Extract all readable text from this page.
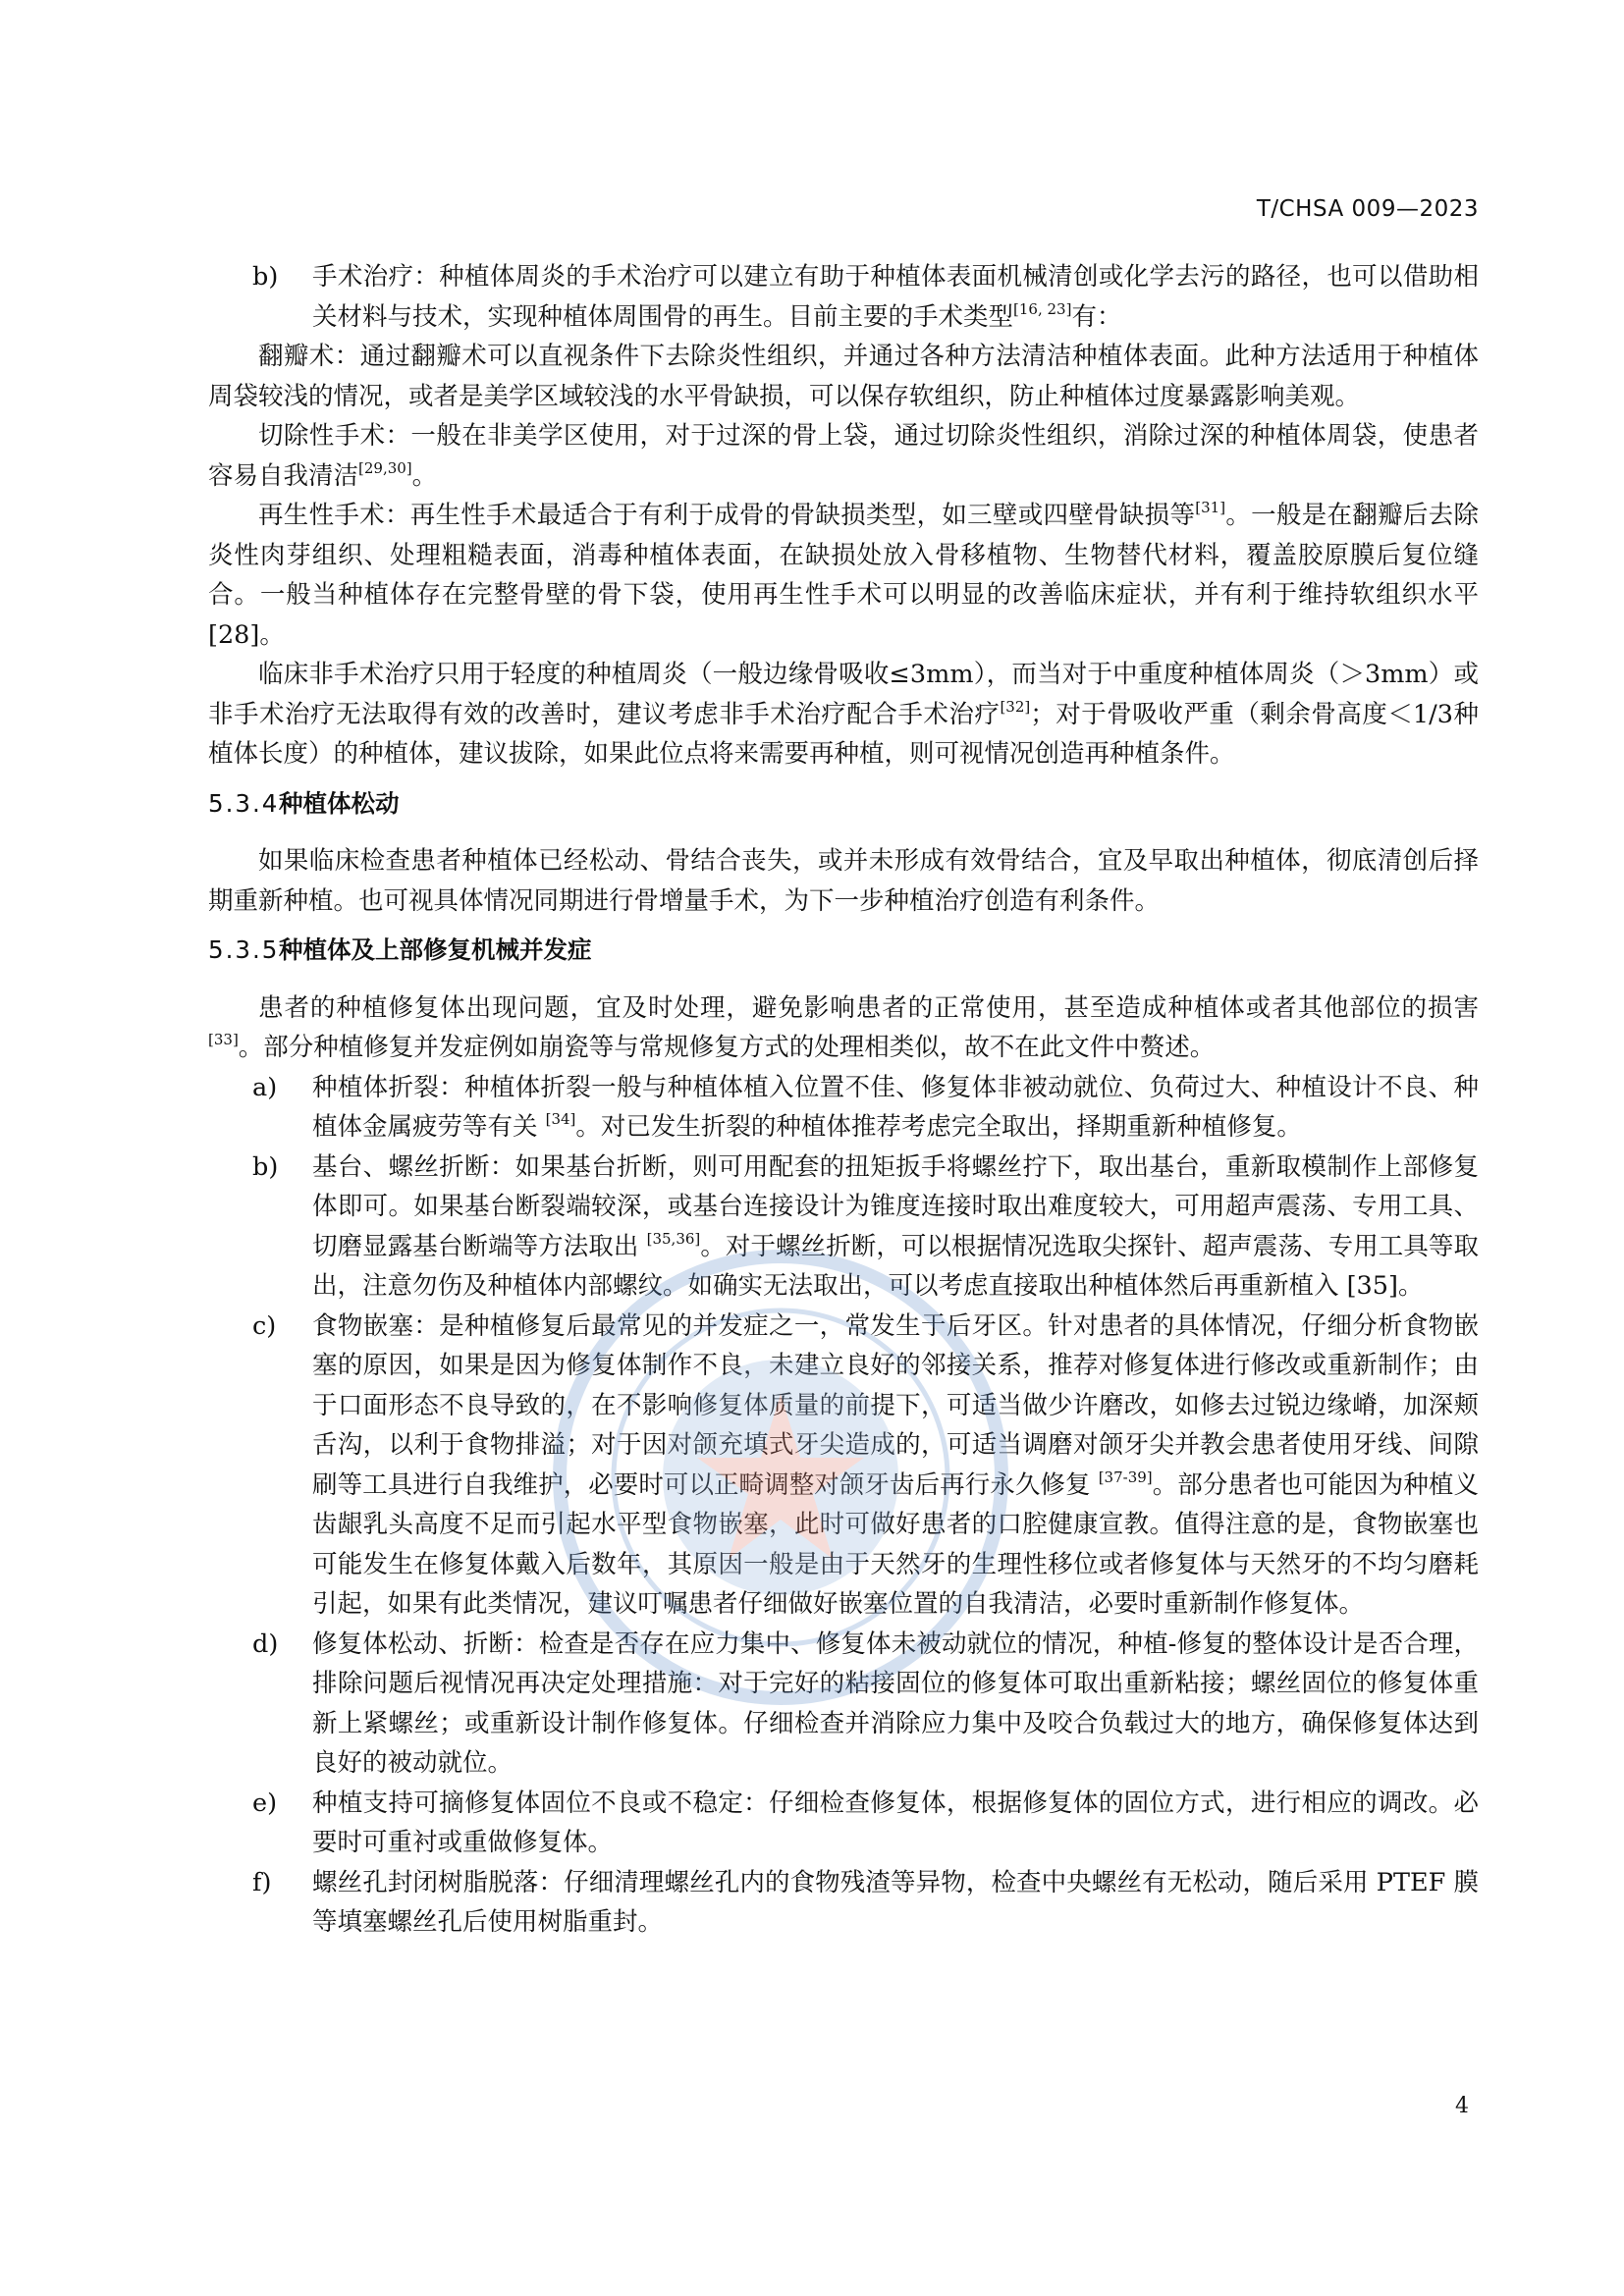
T/CHSA 009—2023

b)	手术治疗：种植体周炎的手术治疗可以建立有助于种植体表面机械清创或化学去污的路径，也可以借助相关材料与技术，实现种植体周围骨的再生。目前主要的手术类型[16, 23]有：

翻瓣术：通过翻瓣术可以直视条件下去除炎性组织，并通过各种方法清洁种植体表面。此种方法适用于种植体周袋较浅的情况，或者是美学区域较浅的水平骨缺损，可以保存软组织，防止种植体过度暴露影响美观。

切除性手术：一般在非美学区使用，对于过深的骨上袋，通过切除炎性组织，消除过深的种植体周袋，使患者容易自我清洁[29,30]。

再生性手术：再生性手术最适合于有利于成骨的骨缺损类型，如三壁或四壁骨缺损等[31]。一般是在翻瓣后去除炎性肉芽组织、处理粗糙表面，消毒种植体表面，在缺损处放入骨移植物、生物替代材料，覆盖胶原膜后复位缝合。一般当种植体存在完整骨壁的骨下袋，使用再生性手术可以明显的改善临床症状，并有利于维持软组织水平[28]。

临床非手术治疗只用于轻度的种植周炎（一般边缘骨吸收≤3mm），而当对于中重度种植体周炎（＞3mm）或非手术治疗无法取得有效的改善时，建议考虑非手术治疗配合手术治疗[32]；对于骨吸收严重（剩余骨高度＜1/3种植体长度）的种植体，建议拔除，如果此位点将来需要再种植，则可视情况创造再种植条件。

5.3.4种植体松动

如果临床检查患者种植体已经松动、骨结合丧失，或并未形成有效骨结合，宜及早取出种植体，彻底清创后择期重新种植。也可视具体情况同期进行骨增量手术，为下一步种植治疗创造有利条件。

5.3.5种植体及上部修复机械并发症

患者的种植修复体出现问题，宜及时处理，避免影响患者的正常使用，甚至造成种植体或者其他部位的损害[33]。部分种植修复并发症例如崩瓷等与常规修复方式的处理相类似，故不在此文件中赘述。

a)	种植体折裂：种植体折裂一般与种植体植入位置不佳、修复体非被动就位、负荷过大、种植设计不良、种植体金属疲劳等有关 [34]。对已发生折裂的种植体推荐考虑完全取出，择期重新种植修复。

b)	基台、螺丝折断：如果基台折断，则可用配套的扭矩扳手将螺丝拧下，取出基台，重新取模制作上部修复体即可。如果基台断裂端较深，或基台连接设计为锥度连接时取出难度较大，可用超声震荡、专用工具、切磨显露基台断端等方法取出 [35,36]。对于螺丝折断，可以根据情况选取尖探针、超声震荡、专用工具等取出，注意勿伤及种植体内部螺纹。如确实无法取出，可以考虑直接取出种植体然后再重新植入 [35]。

c)	食物嵌塞：是种植修复后最常见的并发症之一，常发生于后牙区。针对患者的具体情况，仔细分析食物嵌塞的原因，如果是因为修复体制作不良，未建立良好的邻接关系，推荐对修复体进行修改或重新制作；由于口面形态不良导致的，在不影响修复体质量的前提下，可适当做少许磨改，如修去过锐边缘嵴，加深颊舌沟，以利于食物排溢；对于因对颌充填式牙尖造成的，可适当调磨对颌牙尖并教会患者使用牙线、间隙刷等工具进行自我维护，必要时可以正畸调整对颌牙齿后再行永久修复 [37-39]。部分患者也可能因为种植义齿龈乳头高度不足而引起水平型食物嵌塞，此时可做好患者的口腔健康宣教。值得注意的是，食物嵌塞也可能发生在修复体戴入后数年，其原因一般是由于天然牙的生理性移位或者修复体与天然牙的不均匀磨耗引起，如果有此类情况，建议叮嘱患者仔细做好嵌塞位置的自我清洁，必要时重新制作修复体。

d)	修复体松动、折断：检查是否存在应力集中、修复体未被动就位的情况，种植-修复的整体设计是否合理，排除问题后视情况再决定处理措施：对于完好的粘接固位的修复体可取出重新粘接；螺丝固位的修复体重新上紧螺丝；或重新设计制作修复体。仔细检查并消除应力集中及咬合负载过大的地方，确保修复体达到良好的被动就位。

e)	种植支持可摘修复体固位不良或不稳定：仔细检查修复体，根据修复体的固位方式，进行相应的调改。必要时可重衬或重做修复体。

f)	螺丝孔封闭树脂脱落：仔细清理螺丝孔内的食物残渣等异物，检查中央螺丝有无松动，随后采用 PTEF 膜等填塞螺丝孔后使用树脂重封。

4
